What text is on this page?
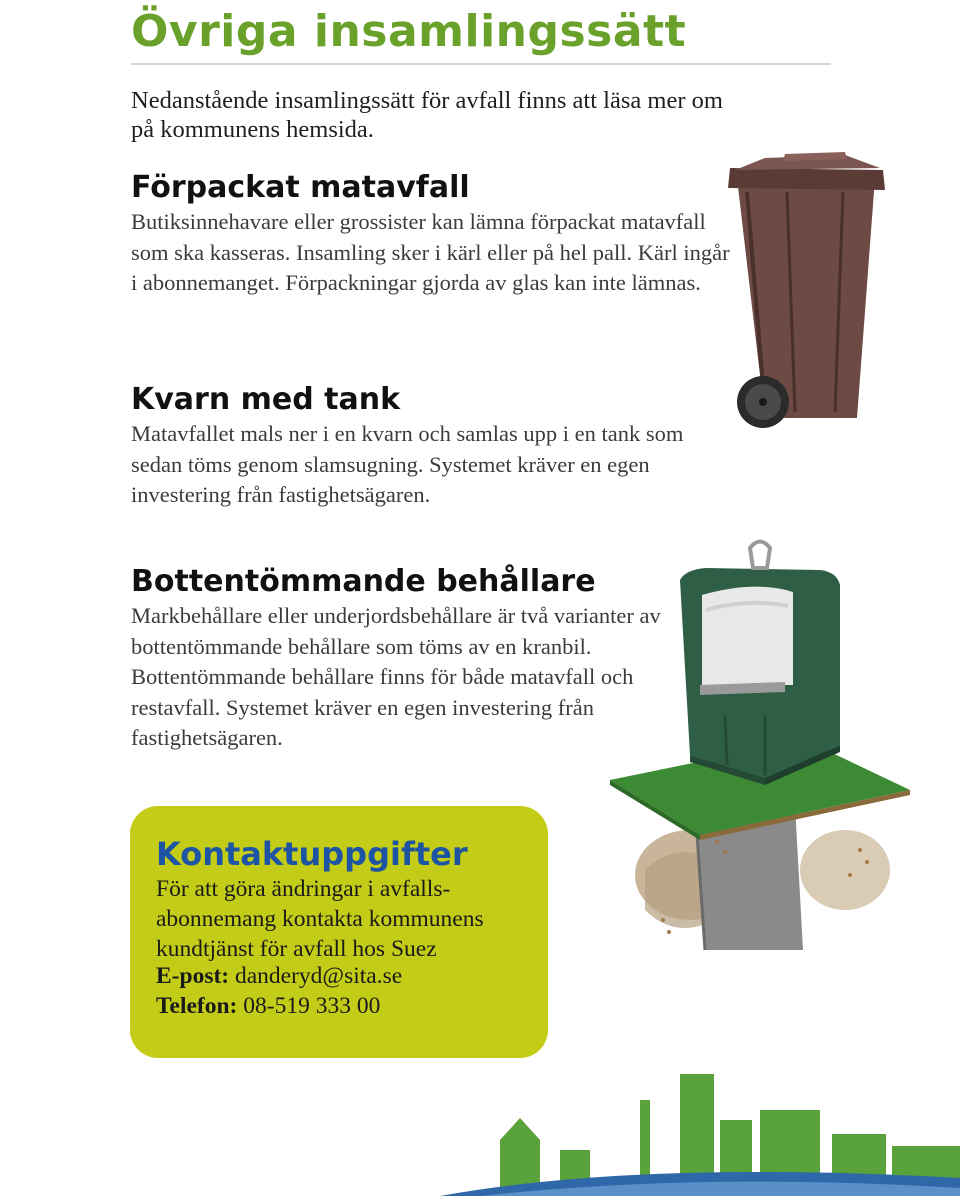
Övriga insamlingssätt

Nedanstående insamlingssätt för avfall finns att läsa mer om på kommunens hemsida.

Förpackat matavfall

Butiksinnehavare eller grossister kan lämna förpackat matavfall som ska kasseras. Insamling sker i kärl eller på hel pall. Kärl ingår i abonnemanget. Förpackningar gjorda av glas kan inte lämnas.

Kvarn med tank

Matavfallet mals ner i en kvarn och samlas upp i en tank som sedan töms genom slamsugning. Systemet kräver en egen investering från fastighetsägaren.

Bottentömmande behållare

Markbehållare eller underjordsbehållare är två varianter av bottentömmande behållare som töms av en kranbil. Bottentömmande behållare finns för både matavfall och restavfall. Systemet kräver en egen investering från fastighetsägaren.

Kontaktuppgifter

För att göra ändringar i avfallsabonnemang kontakta kommunens kundtjänst för avfall hos Suez

E-post: danderyd@sita.se

Telefon: 08-519 333 00
